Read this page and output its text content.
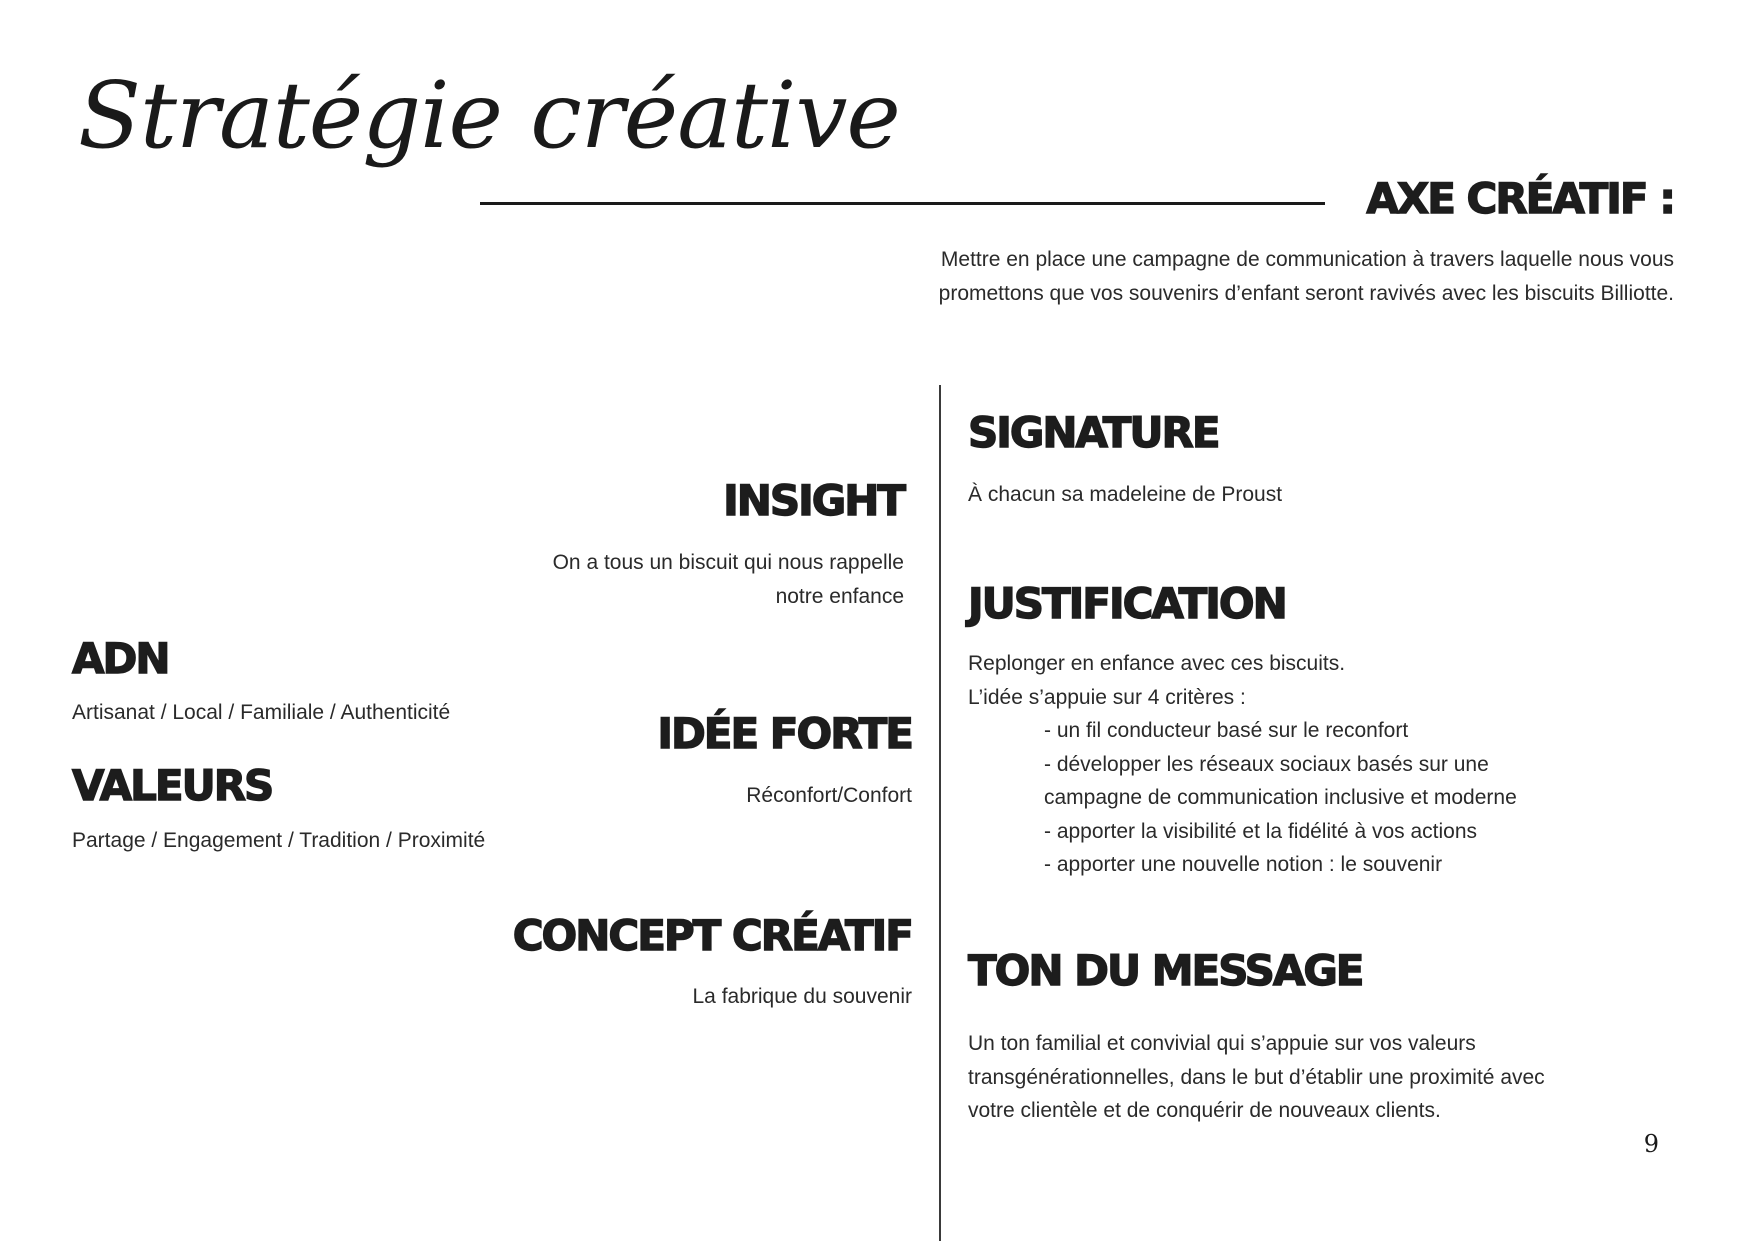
Stratégie créative
AXE CRÉATIF :
Mettre en place une campagne de communication à travers laquelle nous vous promettons que vos souvenirs d’enfant seront ravivés avec les biscuits Billiotte.
INSIGHT
On a tous un biscuit qui nous rappelle notre enfance
ADN
Artisanat / Local / Familiale / Authenticité	IDÉE FORTE
Réconfort/Confort
VALEURS
Partage / Engagement / Tradition / Proximité
CONCEPT CRÉATIF
La fabrique du souvenir
SIGNATURE
À chacun sa madeleine de Proust
JUSTIFICATION
Replonger en enfance avec ces biscuits.
L’idée s’appuie sur 4 critères :
- un fil conducteur basé sur le reconfort
- développer les réseaux sociaux basés sur une campagne de communication inclusive et moderne
- apporter la visibilité et la fidélité à vos actions
- apporter une nouvelle notion : le souvenir
TON DU MESSAGE
Un ton familial et convivial qui s’appuie sur vos valeurs transgénérationnelles, dans le but d’établir une proximité avec votre clientèle et de conquérir de nouveaux clients.
9
